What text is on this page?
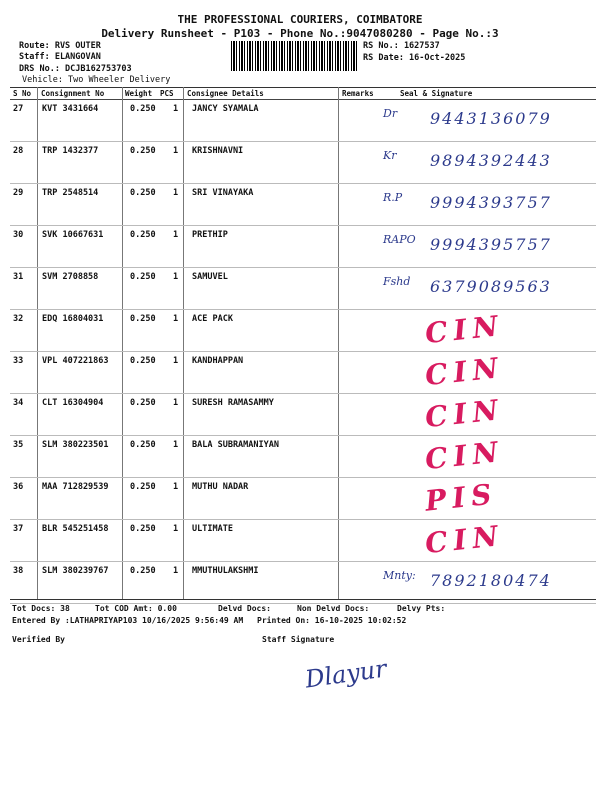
THE PROFESSIONAL COURIERS, COIMBATORE
Delivery Runsheet - P103 - Phone No.:9047080280 - Page No.:3
Route: RVS OUTER
Staff: ELANGOVAN
DRS No.: DCJB162753703
Vehicle: Two Wheeler Delivery
RS No.: 1627537
RS Date: 16-Oct-2025
S No Consignment No	Weight PCS Consignee Details	Remarks	Seal & Signature
27 KVT 3431664	0.250 1 JANCY SYAMALA	Dr 9443136079
28 TRP 1432377	0.250 1 KRISHNAVNI	Kr 9894392443
29 TRP 2548514	0.250 1 SRI VINAYAKA	R.P 9994393757
30 SVK 10667631	0.250 1 PRETHIP	RAPO 9994395757
31 SVM 2708858	0.250 1 SAMUVEL	Fshd 6379089563
32 EDQ 16804031	0.250 1 ACE PACK	CIN
33 VPL 407221863	0.250 1 KANDHAPPAN	CIN
34 CLT 16304904	0.250 1 SURESH RAMASAMMY	CIN
35 SLM 380223501	0.250 1 BALA SUBRAMANIYAN	CIN
36 MAA 712829539	0.250 1 MUTHU NADAR	PIS
37 BLR 545251458	0.250 1 ULTIMATE	CIN
38 SLM 380239767	0.250 1 MMUTHULAKSHMI	Mnty: 7892180474
Tot Docs: 38	Tot COD Amt: 0.00	Delvd Docs:	Non Delvd Docs:	Delvy Pts:
Entered By :LATHAPRIYAP103 10/16/2025 9:56:49 AM Printed On: 16-10-2025 10:02:52
Verified By	Staff Signature
Dlayur
